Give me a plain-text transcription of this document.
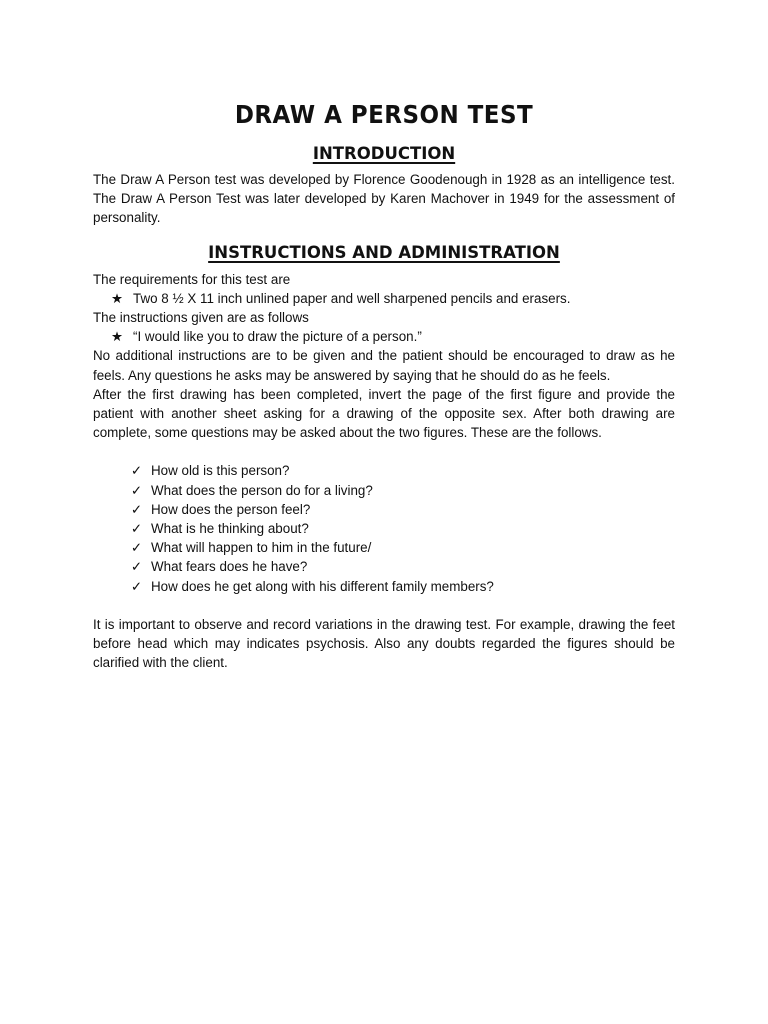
DRAW A PERSON TEST
INTRODUCTION

The Draw A Person test was developed by Florence Goodenough in 1928 as an intelligence test. The Draw A Person Test was later developed by Karen Machover in 1949 for the assessment of personality.

INSTRUCTIONS AND ADMINISTRATION
The requirements for this test are
★ Two 8 ½ X 11 inch unlined paper and well sharpened pencils and erasers.
The instructions given are as follows
★ “I would like you to draw the picture of a person.”

No additional instructions are to be given and the patient should be encouraged to draw as he feels. Any questions he asks may be answered by saying that he should do as he feels.

After the first drawing has been completed, invert the page of the first figure and provide the patient with another sheet asking for a drawing of the opposite sex. After both drawing are complete, some questions may be asked about the two figures. These are the follows.

✓ How old is this person?
✓ What does the person do for a living?
✓ How does the person feel?
✓ What is he thinking about?
✓ What will happen to him in the future/
✓ What fears does he have?
✓ How does he get along with his different family members?

It is important to observe and record variations in the drawing test. For example, drawing the feet before head which may indicates psychosis. Also any doubts regarded the figures should be clarified with the client.
